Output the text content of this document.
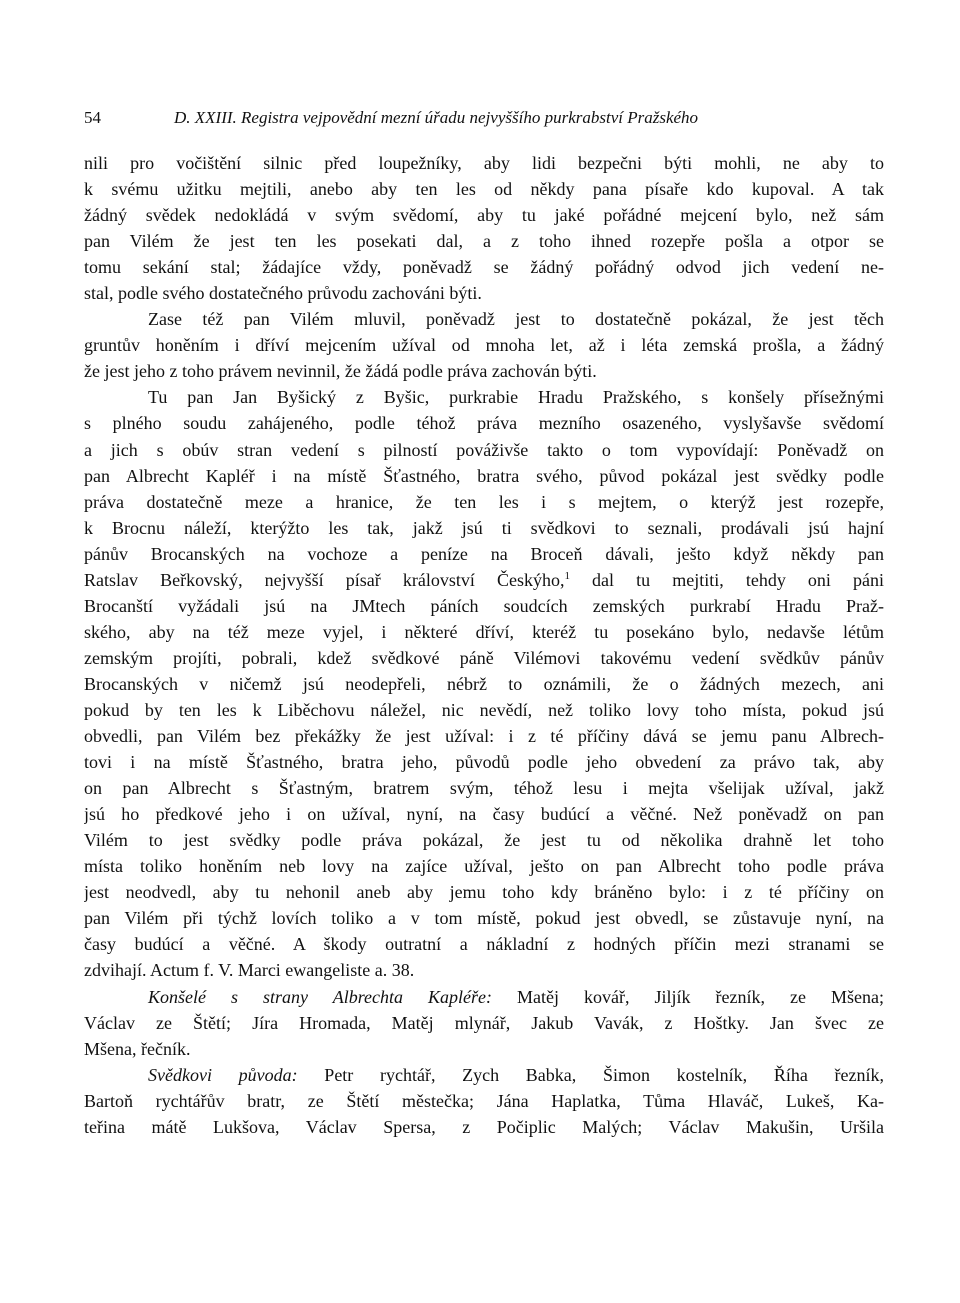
54	D. XXIII. Registra vejpovědní mezní úřadu nejvyššího purkrabství Pražského
nili pro vočištění silnic před loupežníky, aby lidi bezpečni býti mohli, ne aby to
k svému užitku mejtili, anebo aby ten les od někdy pana písaře kdo kupoval. A tak
žádný svědek nedokládá v svým svědomí, aby tu jaké pořádné mejcení bylo, než sám
pan Vilém že jest ten les posekati dal, a z toho ihned rozepře pošla a otpor se
tomu sekání stal; žádajíce vždy, poněvadž se žádný pořádný odvod jich vedení ne-
stal, podle svého dostatečného průvodu zachováni býti.
Zase též pan Vilém mluvil, poněvadž jest to dostatečně pokázal, že jest těch
gruntův honěním i dříví mejcením užíval od mnoha let, až i léta zemská prošla, a žádný
že jest jeho z toho právem nevinnil, že žádá podle práva zachován býti.
Tu pan Jan Byšický z Byšic, purkrabie Hradu Pražského, s konšely přísežnými
s plného soudu zahájeného, podle téhož práva mezního osazeného, vyslyšavše svědomí
a jich s obúv stran vedení s pilností pováživše takto o tom vypovídají: Poněvadž on
pan Albrecht Kapléř i na místě Šťastného, bratra svého, původ pokázal jest svědky podle
práva dostatečně meze a hranice, že ten les i s mejtem, o kterýž jest rozepře,
k Brocnu náleží, kterýžto les tak, jakž jsú ti svědkovi to seznali, prodávali jsú hajní
pánův Brocanských na vochoze a peníze na Broceň dávali, ješto když někdy pan
Ratslav Beřkovský, nejvyšší písař království Českýho,$^1$ dal tu mejtiti, tehdy oni páni
Brocanští vyžádali jsú na JMtech páních soudcích zemských purkrabí Hradu Praž-
ského, aby na též meze vyjel, i některé dříví, kteréž tu posekáno bylo, nedavše létům
zemským projíti, pobrali, kdež svědkové páně Vilémovi takovému vedení svědkův pánův
Brocanských v ničemž jsú neodepřeli, nébrž to oznámili, že o žádných mezech, ani
pokud by ten les k Liběchovu náležel, nic nevědí, než toliko lovy toho místa, pokud jsú
obvedli, pan Vilém bez překážky že jest užíval: i z té příčiny dává se jemu panu Albrech-
tovi i na místě Šťastného, bratra jeho, původů podle jeho obvedení za právo tak, aby
on pan Albrecht s Šťastným, bratrem svým, téhož lesu i mejta všelijak užíval, jakž
jsú ho předkové jeho i on užíval, nyní, na časy budúcí a věčné. Než poněvadž on pan
Vilém to jest svědky podle práva pokázal, že jest tu od několika drahně let toho
místa toliko honěním neb lovy na zajíce užíval, ješto on pan Albrecht toho podle práva
jest neodvedl, aby tu nehonil aneb aby jemu toho kdy bráněno bylo: i z té příčiny on
pan Vilém při týchž lovích toliko a v tom místě, pokud jest obvedl, se zůstavuje nyní, na
časy budúcí a věčné. A škody outratní a nákladní z hodných příčin mezi stranami se
zdvihají. Actum f. V. Marci ewangeliste a. 38.
Konšelé s strany Albrechta Kapléře: Matěj kovář, Jiljík řezník, ze Mšena;
Václav ze Štětí; Jíra Hromada, Matěj mlynář, Jakub Vavák, z Hoštky. Jan švec ze
Mšena, řečník.
Svědkovi původa: Petr rychtář, Zych Babka, Šimon kostelník, Říha řezník,
Bartoň rychtářův bratr, ze Štětí městečka; Jána Haplatka, Tůma Hlaváč, Lukeš, Ka-
teřina mátě Lukšova, Václav Spersa, z Počiplic Malých; Václav Makušin, Uršila
